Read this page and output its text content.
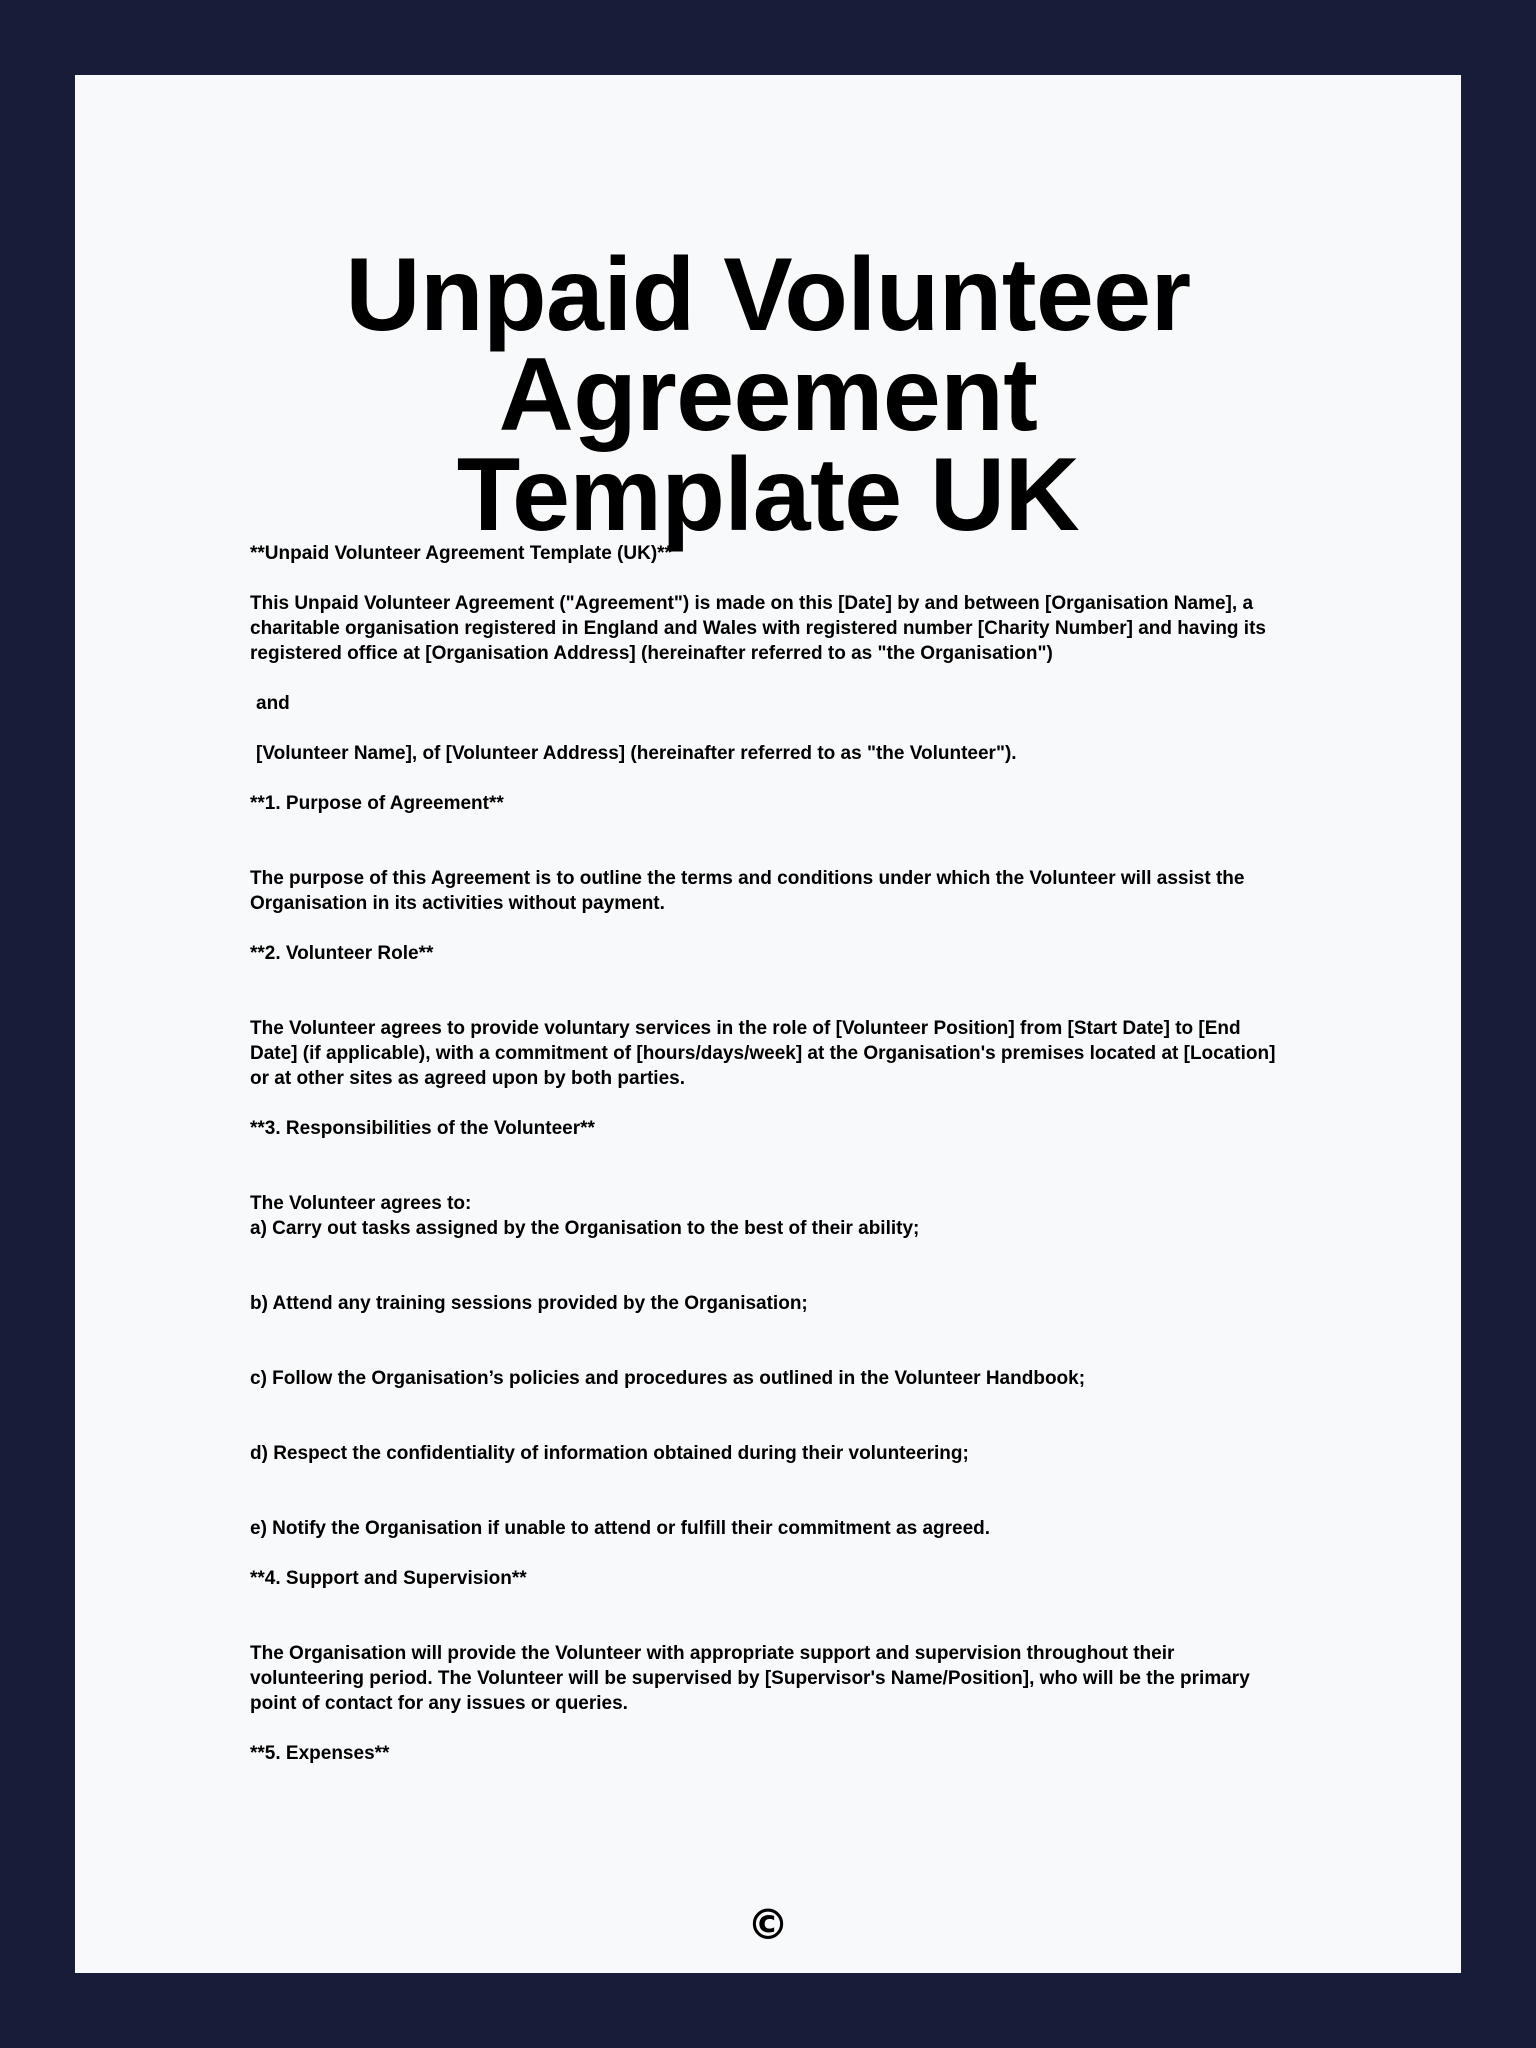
Unpaid Volunteer Agreement
Template UK

**Unpaid Volunteer Agreement Template (UK)**

This Unpaid Volunteer Agreement ("Agreement") is made on this [Date] by and between [Organisation Name], a charitable organisation registered in England and Wales with registered number [Charity Number] and having its registered office at [Organisation Address] (hereinafter referred to as "the Organisation")

and

[Volunteer Name], of [Volunteer Address] (hereinafter referred to as "the Volunteer").

**1. Purpose of Agreement**

The purpose of this Agreement is to outline the terms and conditions under which the Volunteer will assist the Organisation in its activities without payment.

**2. Volunteer Role**

The Volunteer agrees to provide voluntary services in the role of [Volunteer Position] from [Start Date] to [End Date] (if applicable), with a commitment of [hours/days/week] at the Organisation's premises located at [Location] or at other sites as agreed upon by both parties.

**3. Responsibilities of the Volunteer**

The Volunteer agrees to:

a) Carry out tasks assigned by the Organisation to the best of their ability;

b) Attend any training sessions provided by the Organisation;

c) Follow the Organisation’s policies and procedures as outlined in the Volunteer Handbook;

d) Respect the confidentiality of information obtained during their volunteering;

e) Notify the Organisation if unable to attend or fulfill their commitment as agreed.

**4. Support and Supervision**

The Organisation will provide the Volunteer with appropriate support and supervision throughout their volunteering period. The Volunteer will be supervised by [Supervisor's Name/Position], who will be the primary point of contact for any issues or queries.

**5. Expenses**

©
